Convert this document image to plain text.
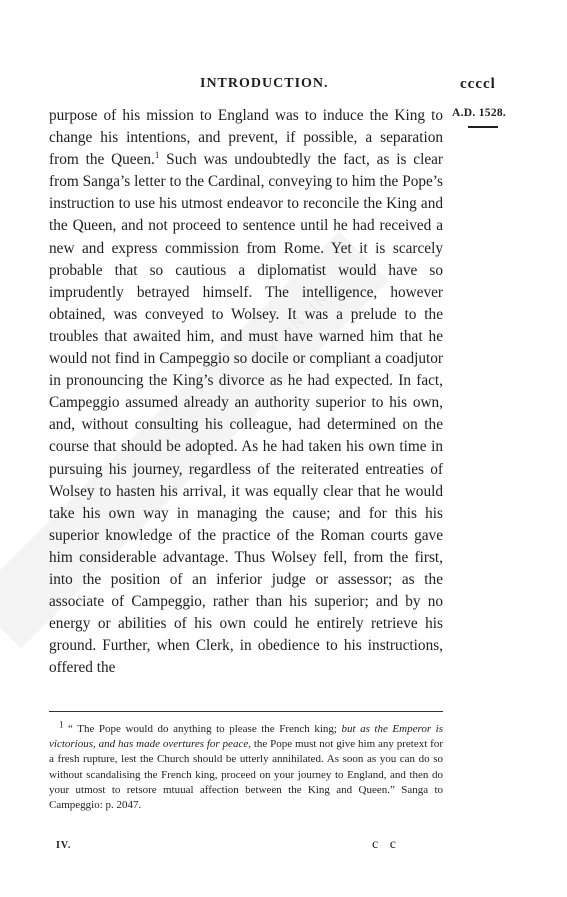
RY ONLINE
INTRODUCTION.	ccccl
A.D. 1528.

purpose of his mission to England was to induce the King to change his intentions, and prevent, if possible, a separation from the Queen.$^1$ Such was undoubtedly the fact, as is clear from Sanga’s letter to the Cardinal, conveying to him the Pope’s instruction to use his utmost endeavor to reconcile the King and the Queen, and not proceed to sentence until he had received a new and express commission from Rome. Yet it is scarcely probable that so cautious a diplomatist would have so imprudently betrayed himself. The intelligence, however obtained, was conveyed to Wolsey. It was a prelude to the troubles that awaited him, and must have warned him that he would not find in Campeggio so docile or compliant a coadjutor in pronouncing the King’s divorce as he had expected. In fact, Campeggio assumed already an authority superior to his own, and, without consulting his colleague, had determined on the course that should be adopted. As he had taken his own time in pursuing his journey, regardless of the reiterated entreaties of Wolsey to hasten his arrival, it was equally clear that he would take his own way in managing the cause; and for this his superior knowledge of the practice of the Roman courts gave him considerable advantage. Thus Wolsey fell, from the first, into the position of an inferior judge or assessor; as the associate of Campeggio, rather than his superior; and by no energy or abilities of his own could he entirely retrieve his ground. Further, when Clerk, in obedience to his instructions, offered the

$^1$ “ The Pope would do anything to please the French king; but as the Emperor is victorious, and has made overtures for peace, the Pope must not give him any pretext for a fresh rupture, lest the Church should be utterly annihilated. As soon as you can do so without scandalising the French king, proceed on your journey to England, and then do your utmost to retsore mtuual affection between the King and Queen.” Sanga to Campeggio: p. 2047.

IV.	c c
